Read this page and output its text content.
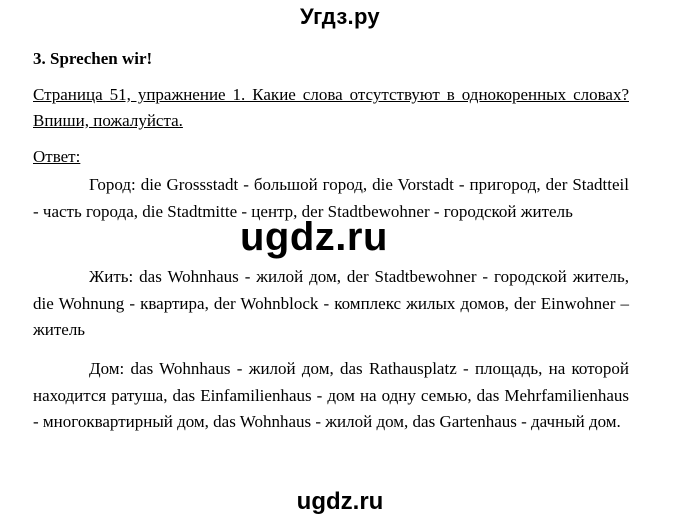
Угдз.ру
3. Sprechen wir!
Страница 51, упражнение 1. Какие слова отсутствуют в однокоренных словах? Впиши, пожалуйста.
Ответ:
Город: die Grossstadt - большой город, die Vorstadt - пригород, der Stadtteil - часть города, die Stadtmitte - центр, der Stadtbewohner - городской житель
Жить: das Wohnhaus - жилой дом, der Stadtbewohner - городской житель, die Wohnung - квартира, der Wohnblock - комплекс жилых домов, der Einwohner – житель
Дом: das Wohnhaus - жилой дом, das Rathausplatz - площадь, на которой находится ратуша, das Einfamilienhaus - дом на одну семью, das Mehrfamilienhaus - многоквартирный дом, das Wohnhaus - жилой дом, das Gartenhaus - дачный дом.
ugdz.ru
ugdz.ru
